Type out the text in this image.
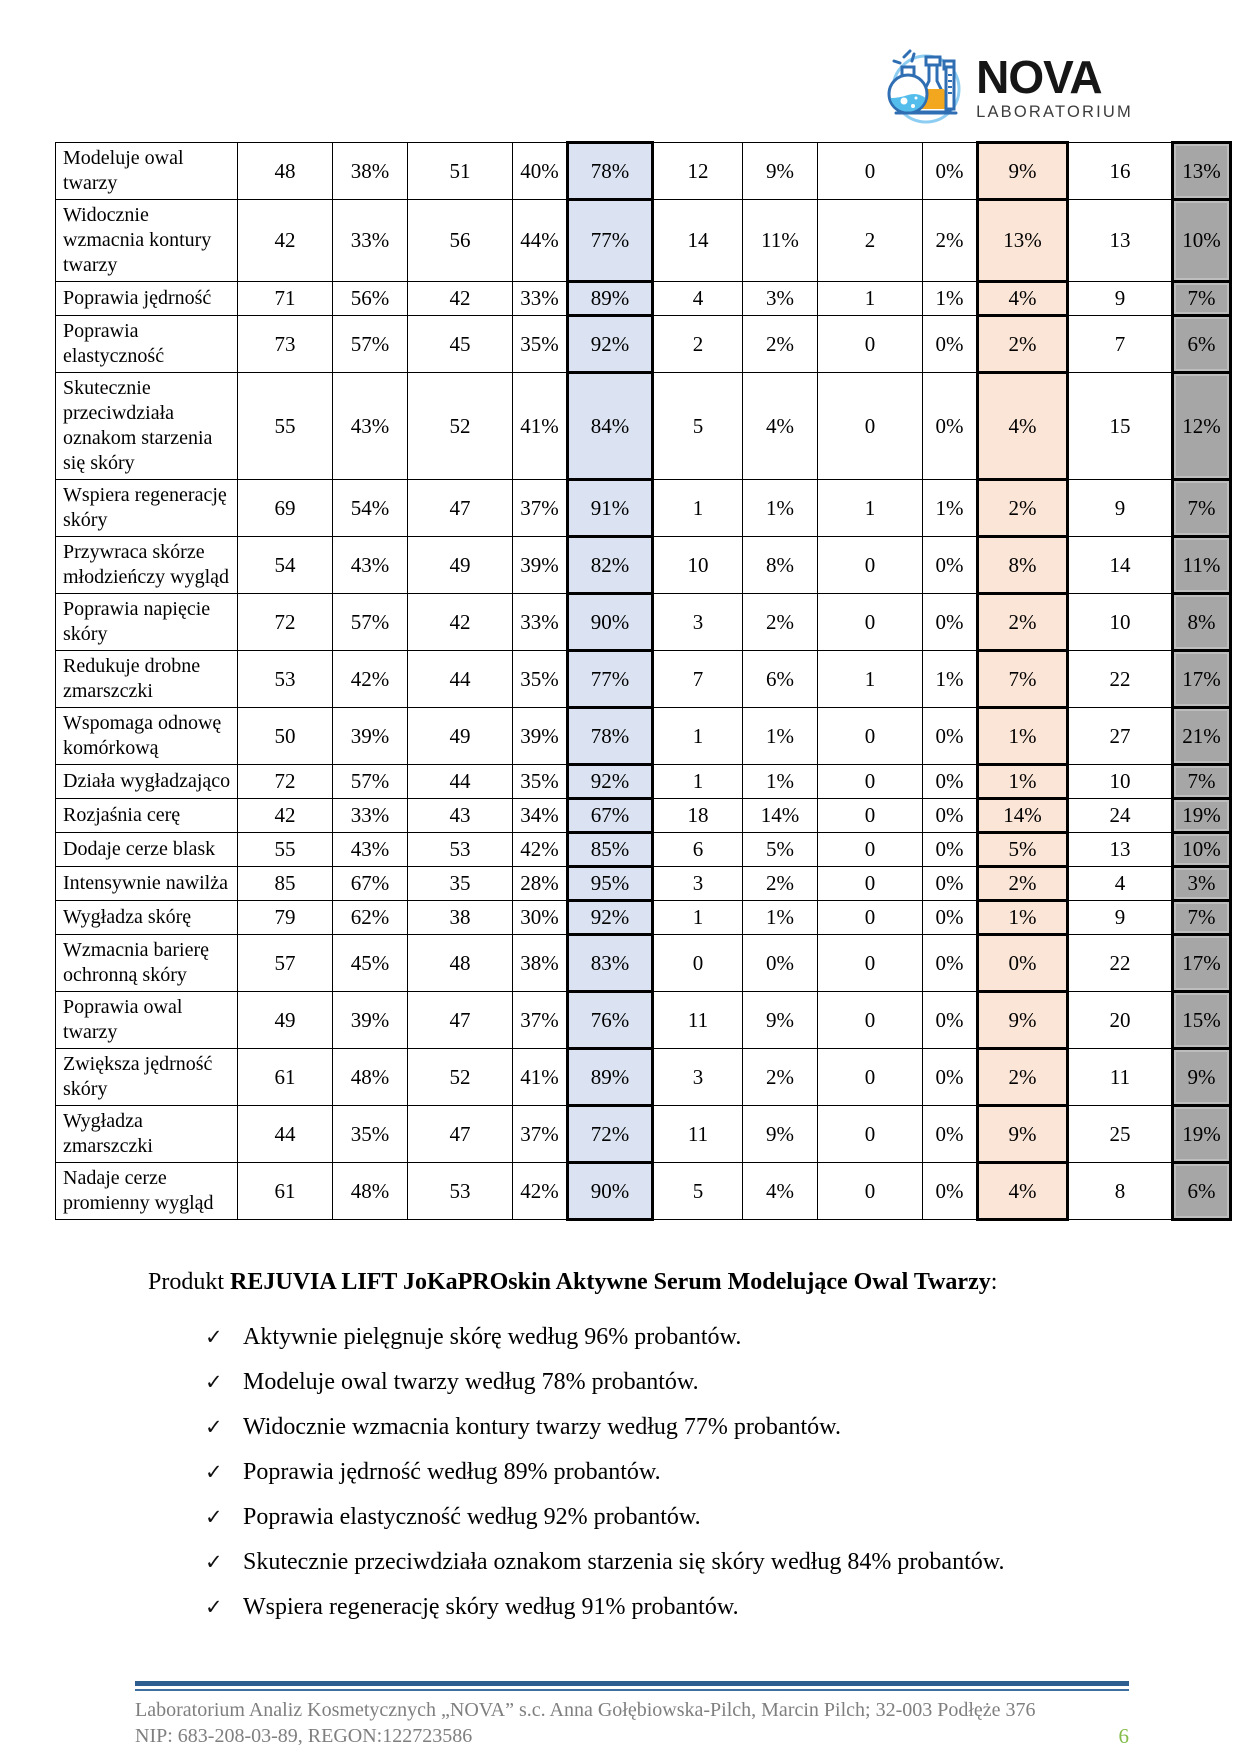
NOVA
LABORATORIUM
Modeluje owal twarzy	48	38%	51	40%	78%	12	9%	0	0%	9%	16	13%
Widocznie wzmacnia kontury twarzy	42	33%	56	44%	77%	14	11%	2	2%	13%	13	10%
Poprawia jędrność	71	56%	42	33%	89%	4	3%	1	1%	4%	9	7%
Poprawia elastyczność	73	57%	45	35%	92%	2	2%	0	0%	2%	7	6%
Skutecznie przeciwdziała oznakom starzenia się skóry	55	43%	52	41%	84%	5	4%	0	0%	4%	15	12%
Wspiera regenerację skóry	69	54%	47	37%	91%	1	1%	1	1%	2%	9	7%
Przywraca skórze młodzieńczy wygląd	54	43%	49	39%	82%	10	8%	0	0%	8%	14	11%
Poprawia napięcie skóry	72	57%	42	33%	90%	3	2%	0	0%	2%	10	8%
Redukuje drobne zmarszczki	53	42%	44	35%	77%	7	6%	1	1%	7%	22	17%
Wspomaga odnowę komórkową	50	39%	49	39%	78%	1	1%	0	0%	1%	27	21%
Działa wygładzająco	72	57%	44	35%	92%	1	1%	0	0%	1%	10	7%
Rozjaśnia cerę	42	33%	43	34%	67%	18	14%	0	0%	14%	24	19%
Dodaje cerze blask	55	43%	53	42%	85%	6	5%	0	0%	5%	13	10%
Intensywnie nawilża	85	67%	35	28%	95%	3	2%	0	0%	2%	4	3%
Wygładza skórę	79	62%	38	30%	92%	1	1%	0	0%	1%	9	7%
Wzmacnia barierę ochronną skóry	57	45%	48	38%	83%	0	0%	0	0%	0%	22	17%
Poprawia owal twarzy	49	39%	47	37%	76%	11	9%	0	0%	9%	20	15%
Zwiększa jędrność skóry	61	48%	52	41%	89%	3	2%	0	0%	2%	11	9%
Wygładza zmarszczki	44	35%	47	37%	72%	11	9%	0	0%	9%	25	19%
Nadaje cerze promienny wygląd	61	48%	53	42%	90%	5	4%	0	0%	4%	8	6%
Produkt REJUVIA LIFT JoKaPROskin Aktywne Serum Modelujące Owal Twarzy:
✓ Aktywnie pielęgnuje skórę według 96% probantów.
✓ Modeluje owal twarzy według 78% probantów.
✓ Widocznie wzmacnia kontury twarzy według 77% probantów.
✓ Poprawia jędrność według 89% probantów.
✓ Poprawia elastyczność według 92% probantów.
✓ Skutecznie przeciwdziała oznakom starzenia się skóry według 84% probantów.
✓ Wspiera regenerację skóry według 91% probantów.
Laboratorium Analiz Kosmetycznych „NOVA” s.c. Anna Gołębiowska-Pilch, Marcin Pilch; 32-003 Podłęże 376
NIP: 683-208-03-89, REGON:122723586	6
